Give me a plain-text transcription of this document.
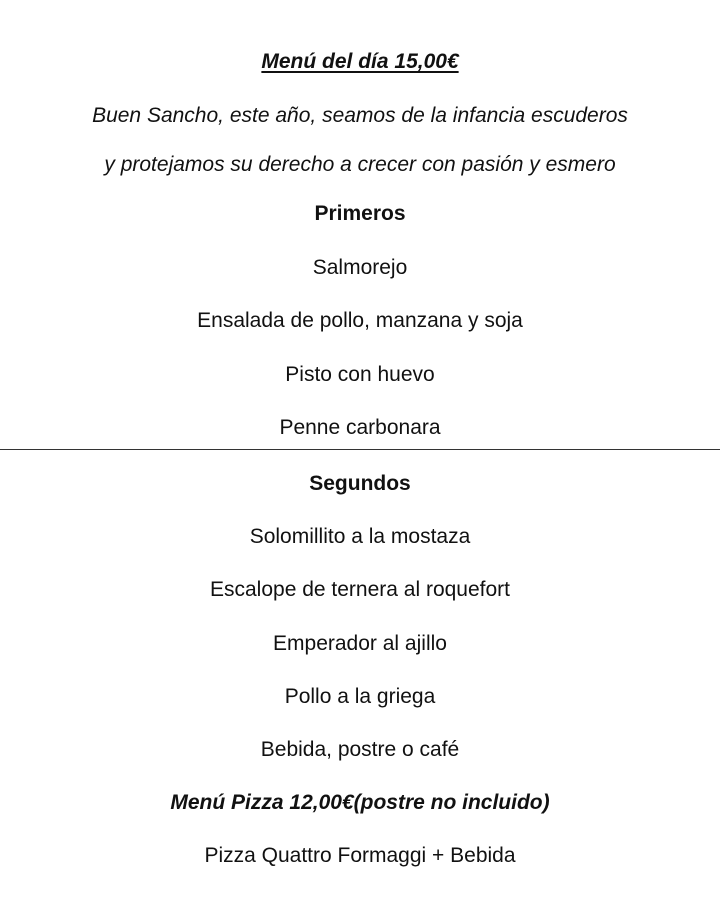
Menú del día 15,00€
Buen Sancho, este año, seamos de la infancia escuderos
y protejamos su derecho a crecer con pasión y esmero
Primeros
Salmorejo
Ensalada de pollo, manzana y soja
Pisto con huevo
Penne carbonara
Segundos
Solomillito a la mostaza
Escalope de ternera al roquefort
Emperador al ajillo
Pollo a la griega
Bebida, postre o café
Menú Pizza 12,00€(postre no incluido)
Pizza Quattro Formaggi + Bebida
